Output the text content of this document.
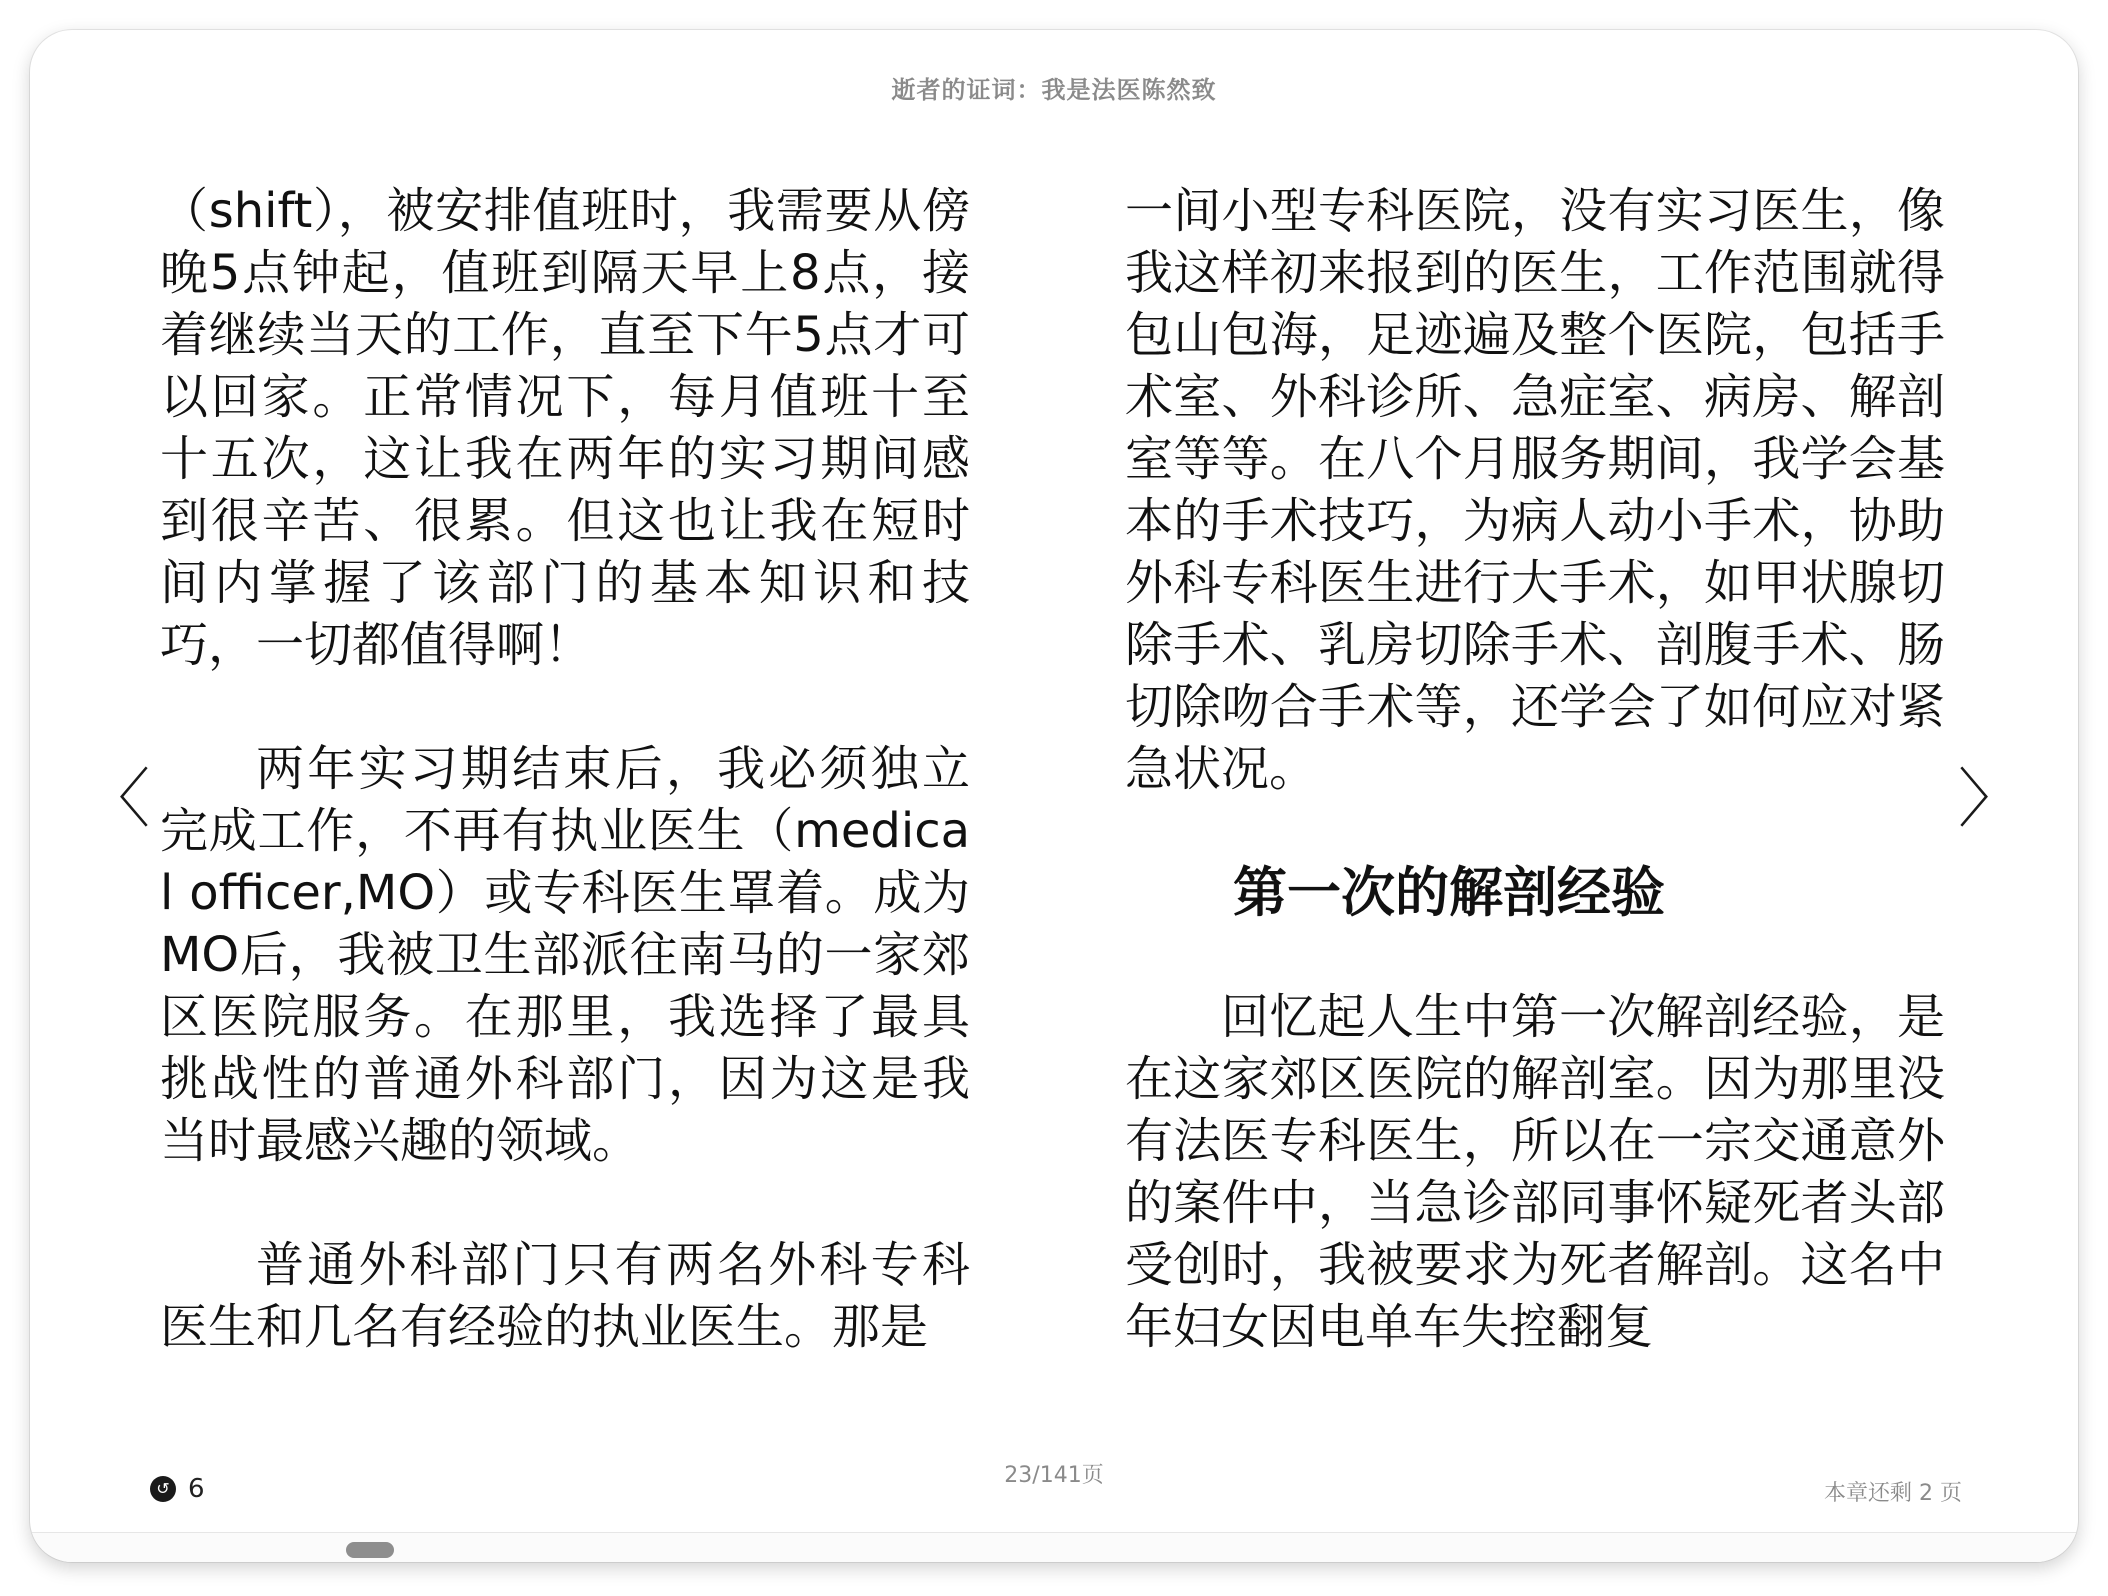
逝者的证词：我是法医陈然致
〈	〉

（shift），被安排值班时，我需要从傍晚5点钟起，值班到隔天早上8点，接着继续当天的工作，直至下午5点才可以回家。正常情况下，每月值班十至十五次，这让我在两年的实习期间感到很辛苦、很累。但这也让我在短时间内掌握了该部门的基本知识和技巧，一切都值得啊！

两年实习期结束后，我必须独立完成工作，不再有执业医生（medical officer,MO）或专科医生罩着。成为MO后，我被卫生部派往南马的一家郊区医院服务。在那里，我选择了最具挑战性的普通外科部门，因为这是我当时最感兴趣的领域。

普通外科部门只有两名外科专科医生和几名有经验的执业医生。那是

一间小型专科医院，没有实习医生，像我这样初来报到的医生，工作范围就得包山包海，足迹遍及整个医院，包括手术室、外科诊所、急症室、病房、解剖室等等。在八个月服务期间，我学会基本的手术技巧，为病人动小手术，协助外科专科医生进行大手术，如甲状腺切除手术、乳房切除手术、剖腹手术、肠切除吻合手术等，还学会了如何应对紧急状况。

第一次的解剖经验

回忆起人生中第一次解剖经验，是在这家郊区医院的解剖室。因为那里没有法医专科医生，所以在一宗交通意外的案件中，当急诊部同事怀疑死者头部受创时，我被要求为死者解剖。这名中年妇女因电单车失控翻复

↺ 6	23/141页
本章还剩 2 页
